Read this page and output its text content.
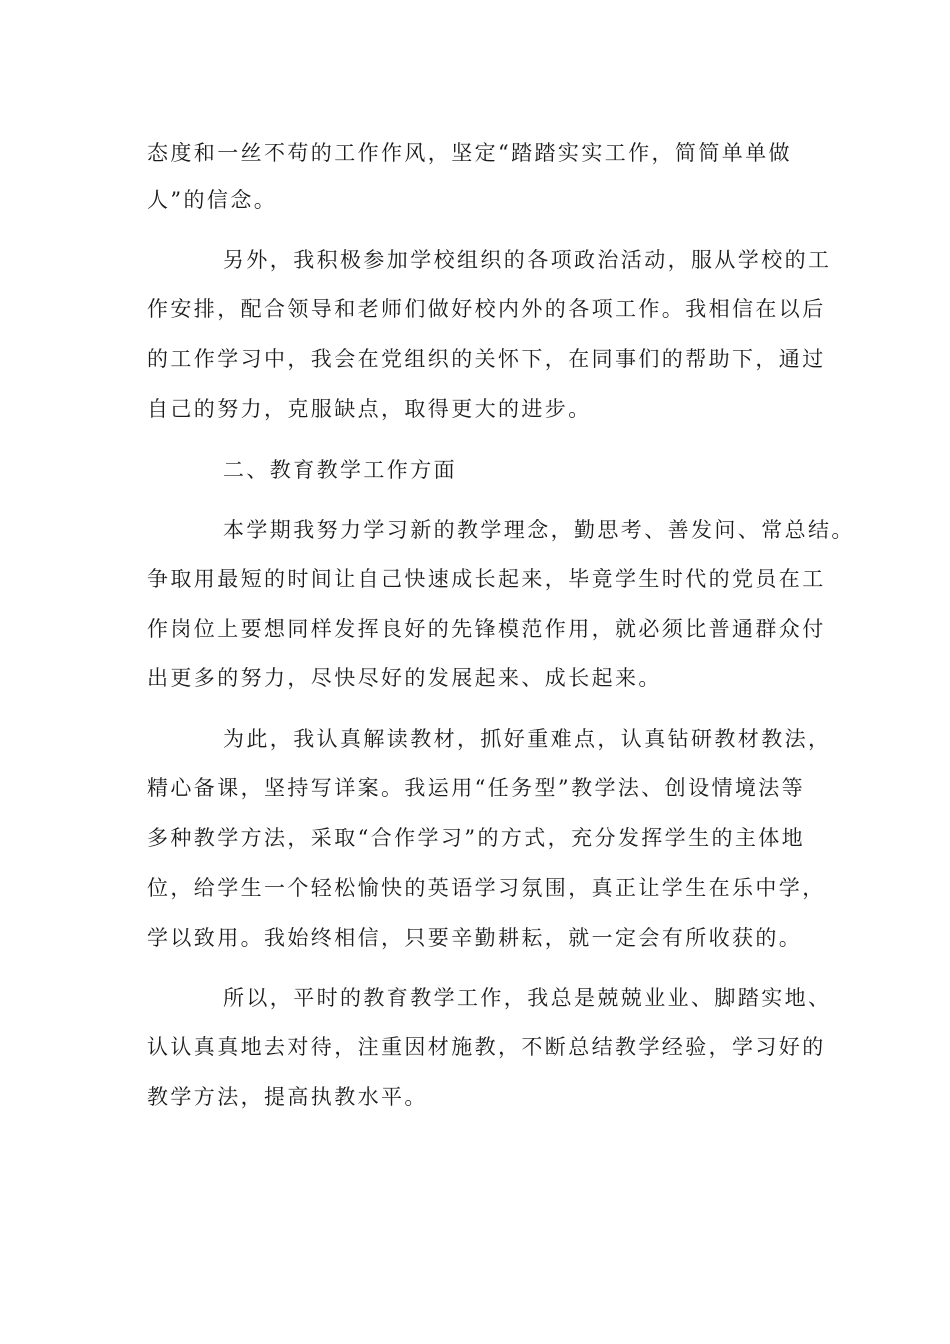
态度和一丝不苟的工作作风，坚定“踏踏实实工作，简简单单做
人”的信念。
另外，我积极参加学校组织的各项政治活动，服从学校的工
作安排，配合领导和老师们做好校内外的各项工作。我相信在以后
的工作学习中，我会在党组织的关怀下，在同事们的帮助下，通过
自己的努力，克服缺点，取得更大的进步。
二、教育教学工作方面
本学期我努力学习新的教学理念，勤思考、善发问、常总结。
争取用最短的时间让自己快速成长起来，毕竟学生时代的党员在工
作岗位上要想同样发挥良好的先锋模范作用，就必须比普通群众付
出更多的努力，尽快尽好的发展起来、成长起来。
为此，我认真解读教材，抓好重难点，认真钻研教材教法，
精心备课，坚持写详案。我运用“任务型”教学法、创设情境法等
多种教学方法，采取“合作学习”的方式，充分发挥学生的主体地
位，给学生一个轻松愉快的英语学习氛围，真正让学生在乐中学，
学以致用。我始终相信，只要辛勤耕耘，就一定会有所收获的。
所以，平时的教育教学工作，我总是兢兢业业、脚踏实地、
认认真真地去对待，注重因材施教，不断总结教学经验，学习好的
教学方法，提高执教水平。
